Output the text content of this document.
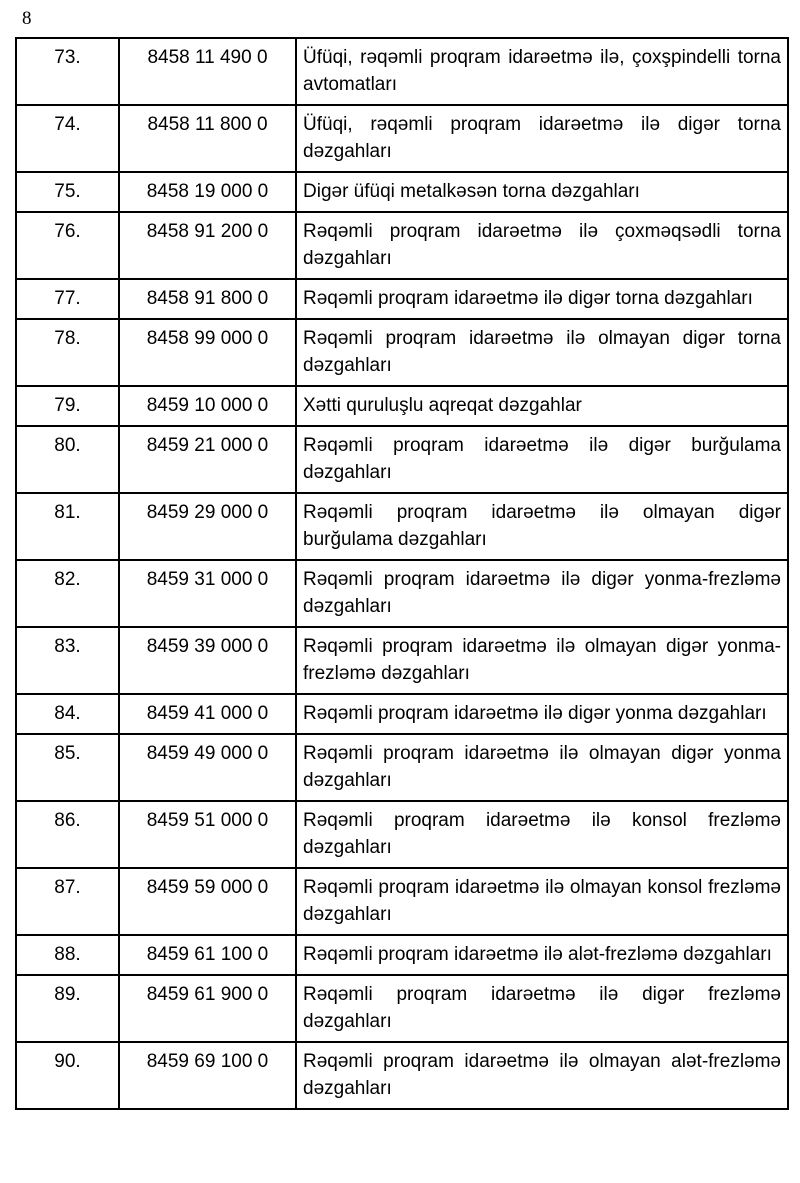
8
73.	8458 11 490 0	Üfüqi, rəqəmli proqram idarəetmə ilə, çoxşpindelli torna avtomatları
74.	8458 11 800 0	Üfüqi, rəqəmli proqram idarəetmə ilə digər torna dəzgahları
75.	8458 19 000 0	Digər üfüqi metalkəsən torna dəzgahları
76.	8458 91 200 0	Rəqəmli proqram idarəetmə ilə çoxməqsədli torna dəzgahları
77.	8458 91 800 0	Rəqəmli proqram idarəetmə ilə digər torna dəzgahları
78.	8458 99 000 0	Rəqəmli proqram idarəetmə ilə olmayan digər torna dəzgahları
79.	8459 10 000 0	Xətti quruluşlu aqreqat dəzgahlar
80.	8459 21 000 0	Rəqəmli proqram idarəetmə ilə digər burğulama dəzgahları
81.	8459 29 000 0	Rəqəmli proqram idarəetmə ilə olmayan digər burğulama dəzgahları
82.	8459 31 000 0	Rəqəmli proqram idarəetmə ilə digər yonma-frezləmə dəzgahları
83.	8459 39 000 0	Rəqəmli proqram idarəetmə ilə olmayan digər yonma-frezləmə dəzgahları
84.	8459 41 000 0	Rəqəmli proqram idarəetmə ilə digər yonma dəzgahları
85.	8459 49 000 0	Rəqəmli proqram idarəetmə ilə olmayan digər yonma dəzgahları
86.	8459 51 000 0	Rəqəmli proqram idarəetmə ilə konsol frezləmə dəzgahları
87.	8459 59 000 0	Rəqəmli proqram idarəetmə ilə olmayan konsol frezləmə dəzgahları
88.	8459 61 100 0	Rəqəmli proqram idarəetmə ilə alət-frezləmə dəzgahları
89.	8459 61 900 0	Rəqəmli proqram idarəetmə ilə digər frezləmə dəzgahları
90.	8459 69 100 0	Rəqəmli proqram idarəetmə ilə olmayan alət-frezləmə dəzgahları
